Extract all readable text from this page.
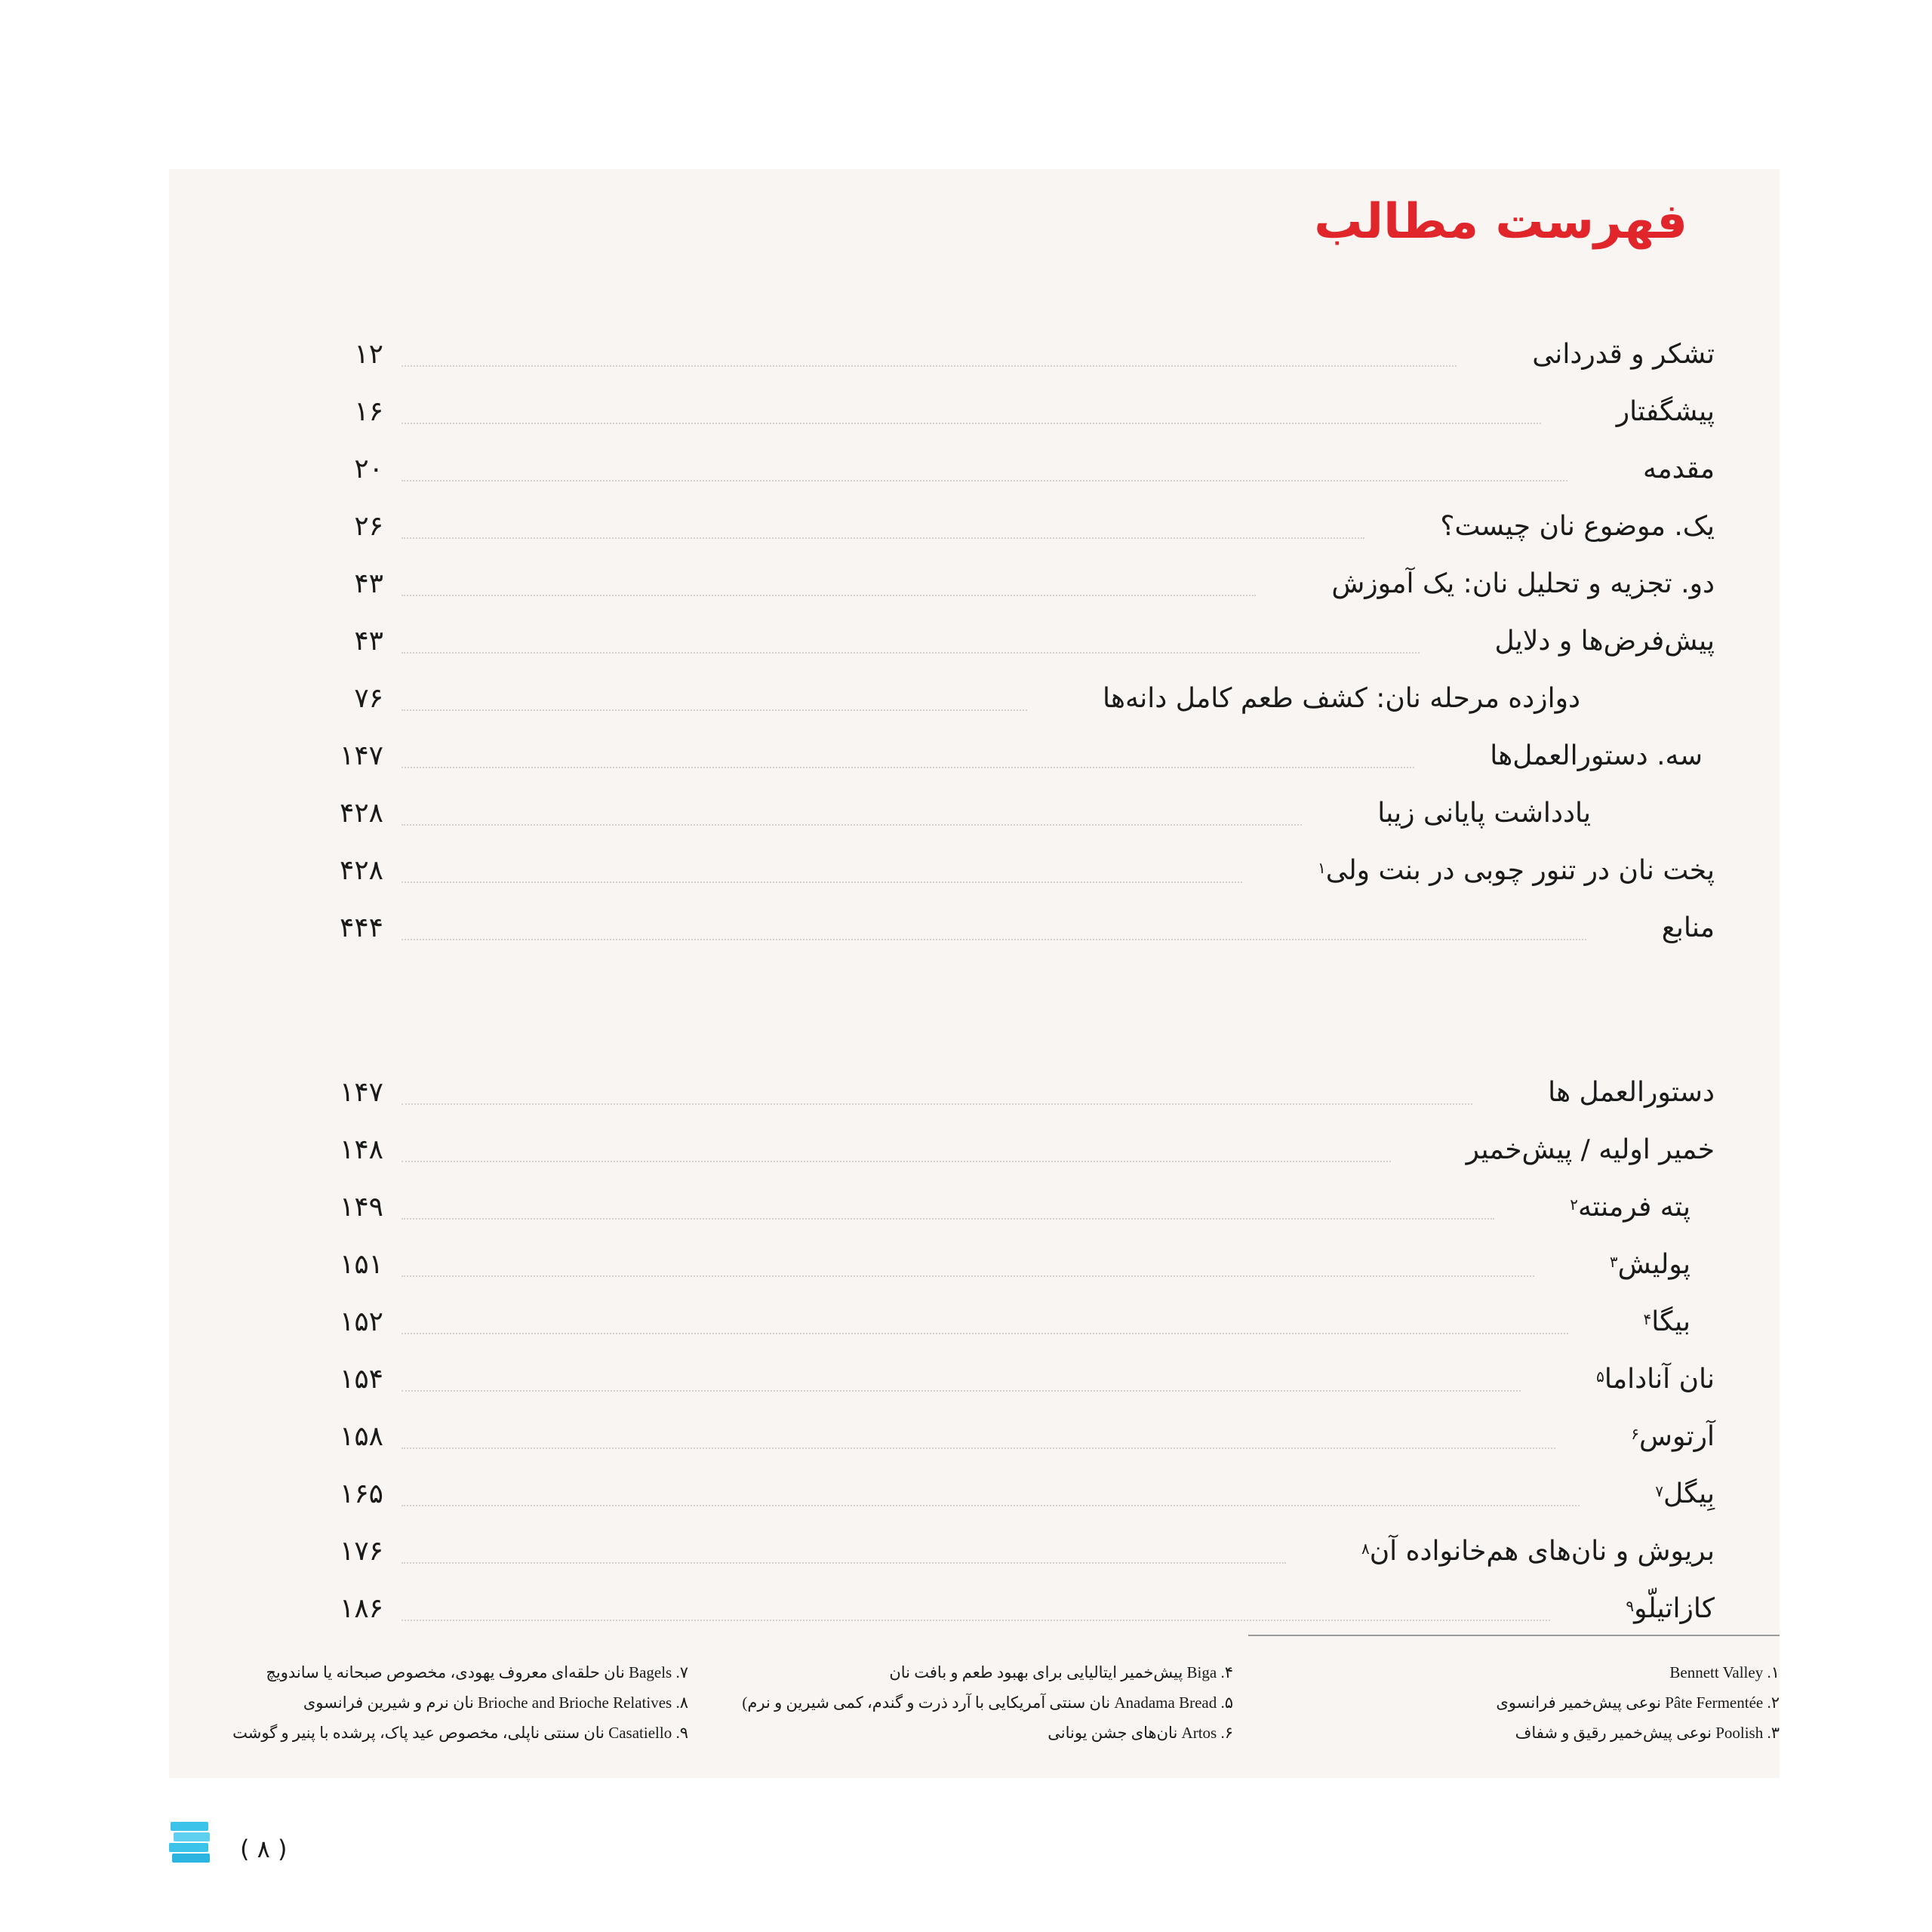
فهرست مطالب
تشکر و قدردانی
۱۲
پیشگفتار
۱۶
مقدمه
۲۰
یک. موضوع نان چیست؟
۲۶
دو. تجزیه و تحلیل نان: یک آموزش
۴۳
پیش‌فرض‌ها و دلایل
۴۳
دوازده مرحله نان: کشف طعم کامل دانه‌ها
۷۶
سه. دستورالعمل‌ها
۱۴۷
یادداشت پایانی زیبا
۴۲۸
پخت نان در تنور چوبی در بنت ولی$^۱$
۴۲۸
منابع
۴۴۴
دستورالعمل ها
۱۴۷
خمیر اولیه / پیش‌خمیر
۱۴۸
پته فرمنته$^۲$
۱۴۹
پولیش$^۳$
۱۵۱
بیگا$^۴$
۱۵۲
نان آناداما$^۵$
۱۵۴
آرتوس$^۶$
۱۵۸
بِیگل$^۷$
۱۶۵
بریوش و نان‌های هم‌خانواده آن$^۸$
۱۷۶
کازاتیلّو$^۹$
۱۸۶
۱. Bennett Valley
۲. Pâte Fermentée نوعی پیش‌خمیر فرانسوی
۳. Poolish نوعی پیش‌خمیر رقیق و شفاف
۴. Biga پیش‌خمیر ایتالیایی برای بهبود طعم و بافت نان
۵. Anadama Bread نان سنتی آمریکایی با آرد ذرت و گندم، کمی شیرین و نرم)
۶. Artos نان‌های جشن یونانی
۷. Bagels نان حلقه‌ای معروف یهودی، مخصوص صبحانه یا ساندویچ
۸. Brioche and Brioche Relatives نان نرم و شیرین فرانسوی
۹. Casatiello نان سنتی ناپلی، مخصوص عید پاک، پرشده با پنیر و گوشت
( ۸ )
